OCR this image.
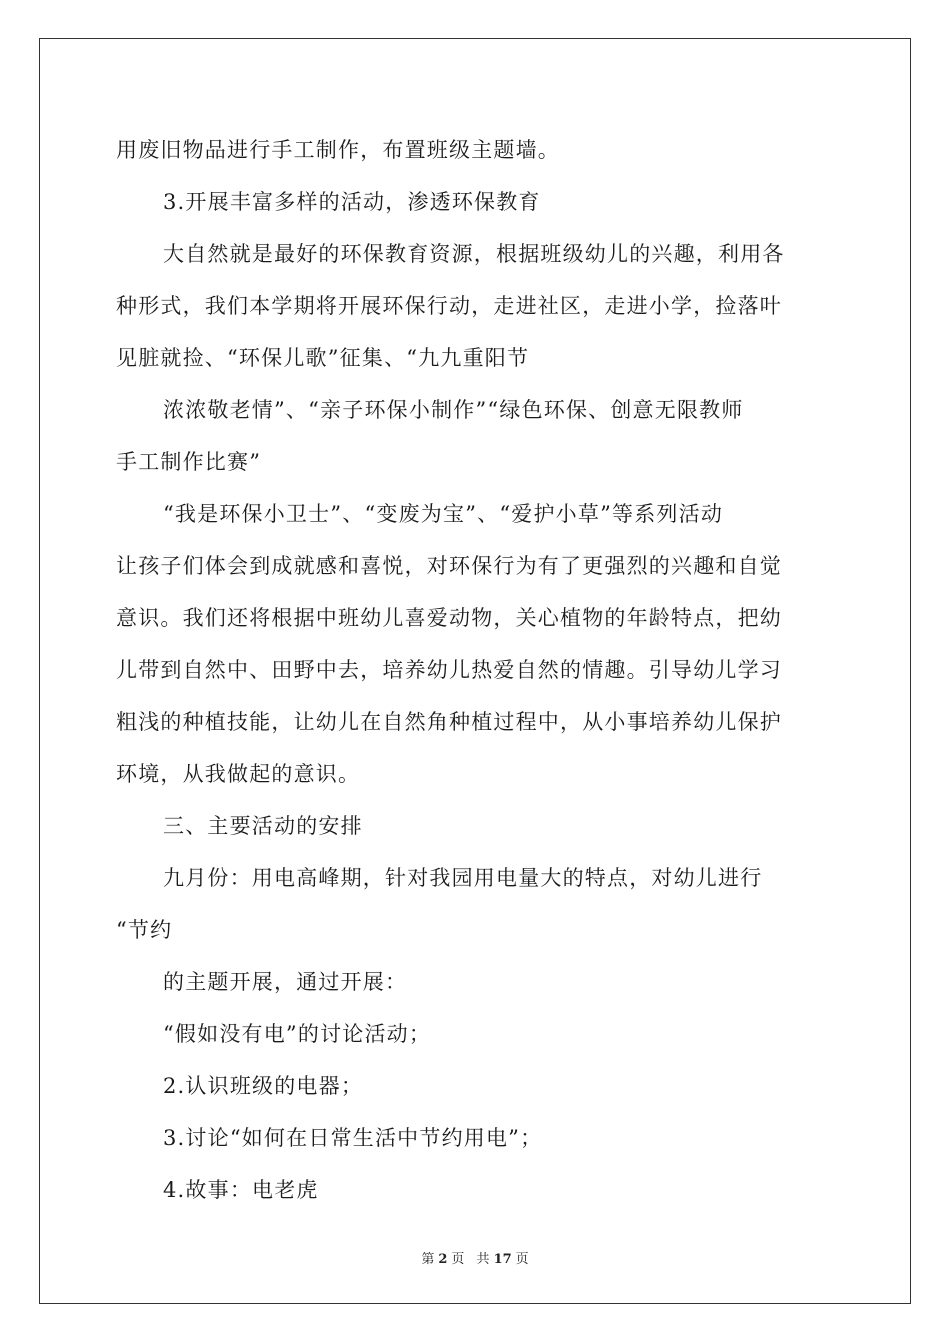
用废旧物品进行手工制作，布置班级主题墙。
3.开展丰富多样的活动，渗透环保教育
大自然就是最好的环保教育资源，根据班级幼儿的兴趣，利用各
种形式，我们本学期将开展环保行动，走进社区，走进小学，捡落叶
见脏就捡、“环保儿歌”征集、“九九重阳节
浓浓敬老情”、“亲子环保小制作”“绿色环保、创意无限教师
手工制作比赛”
“我是环保小卫士”、“变废为宝”、“爱护小草”等系列活动
让孩子们体会到成就感和喜悦，对环保行为有了更强烈的兴趣和自觉
意识。我们还将根据中班幼儿喜爱动物，关心植物的年龄特点，把幼
儿带到自然中、田野中去，培养幼儿热爱自然的情趣。引导幼儿学习
粗浅的种植技能，让幼儿在自然角种植过程中，从小事培养幼儿保护
环境，从我做起的意识。
三、主要活动的安排
九月份：用电高峰期，针对我园用电量大的特点，对幼儿进行
“节约
的主题开展，通过开展：
“假如没有电”的讨论活动；
2.认识班级的电器；
3.讨论“如何在日常生活中节约用电”；
4.故事：电老虎
第 2 页 共 17 页
